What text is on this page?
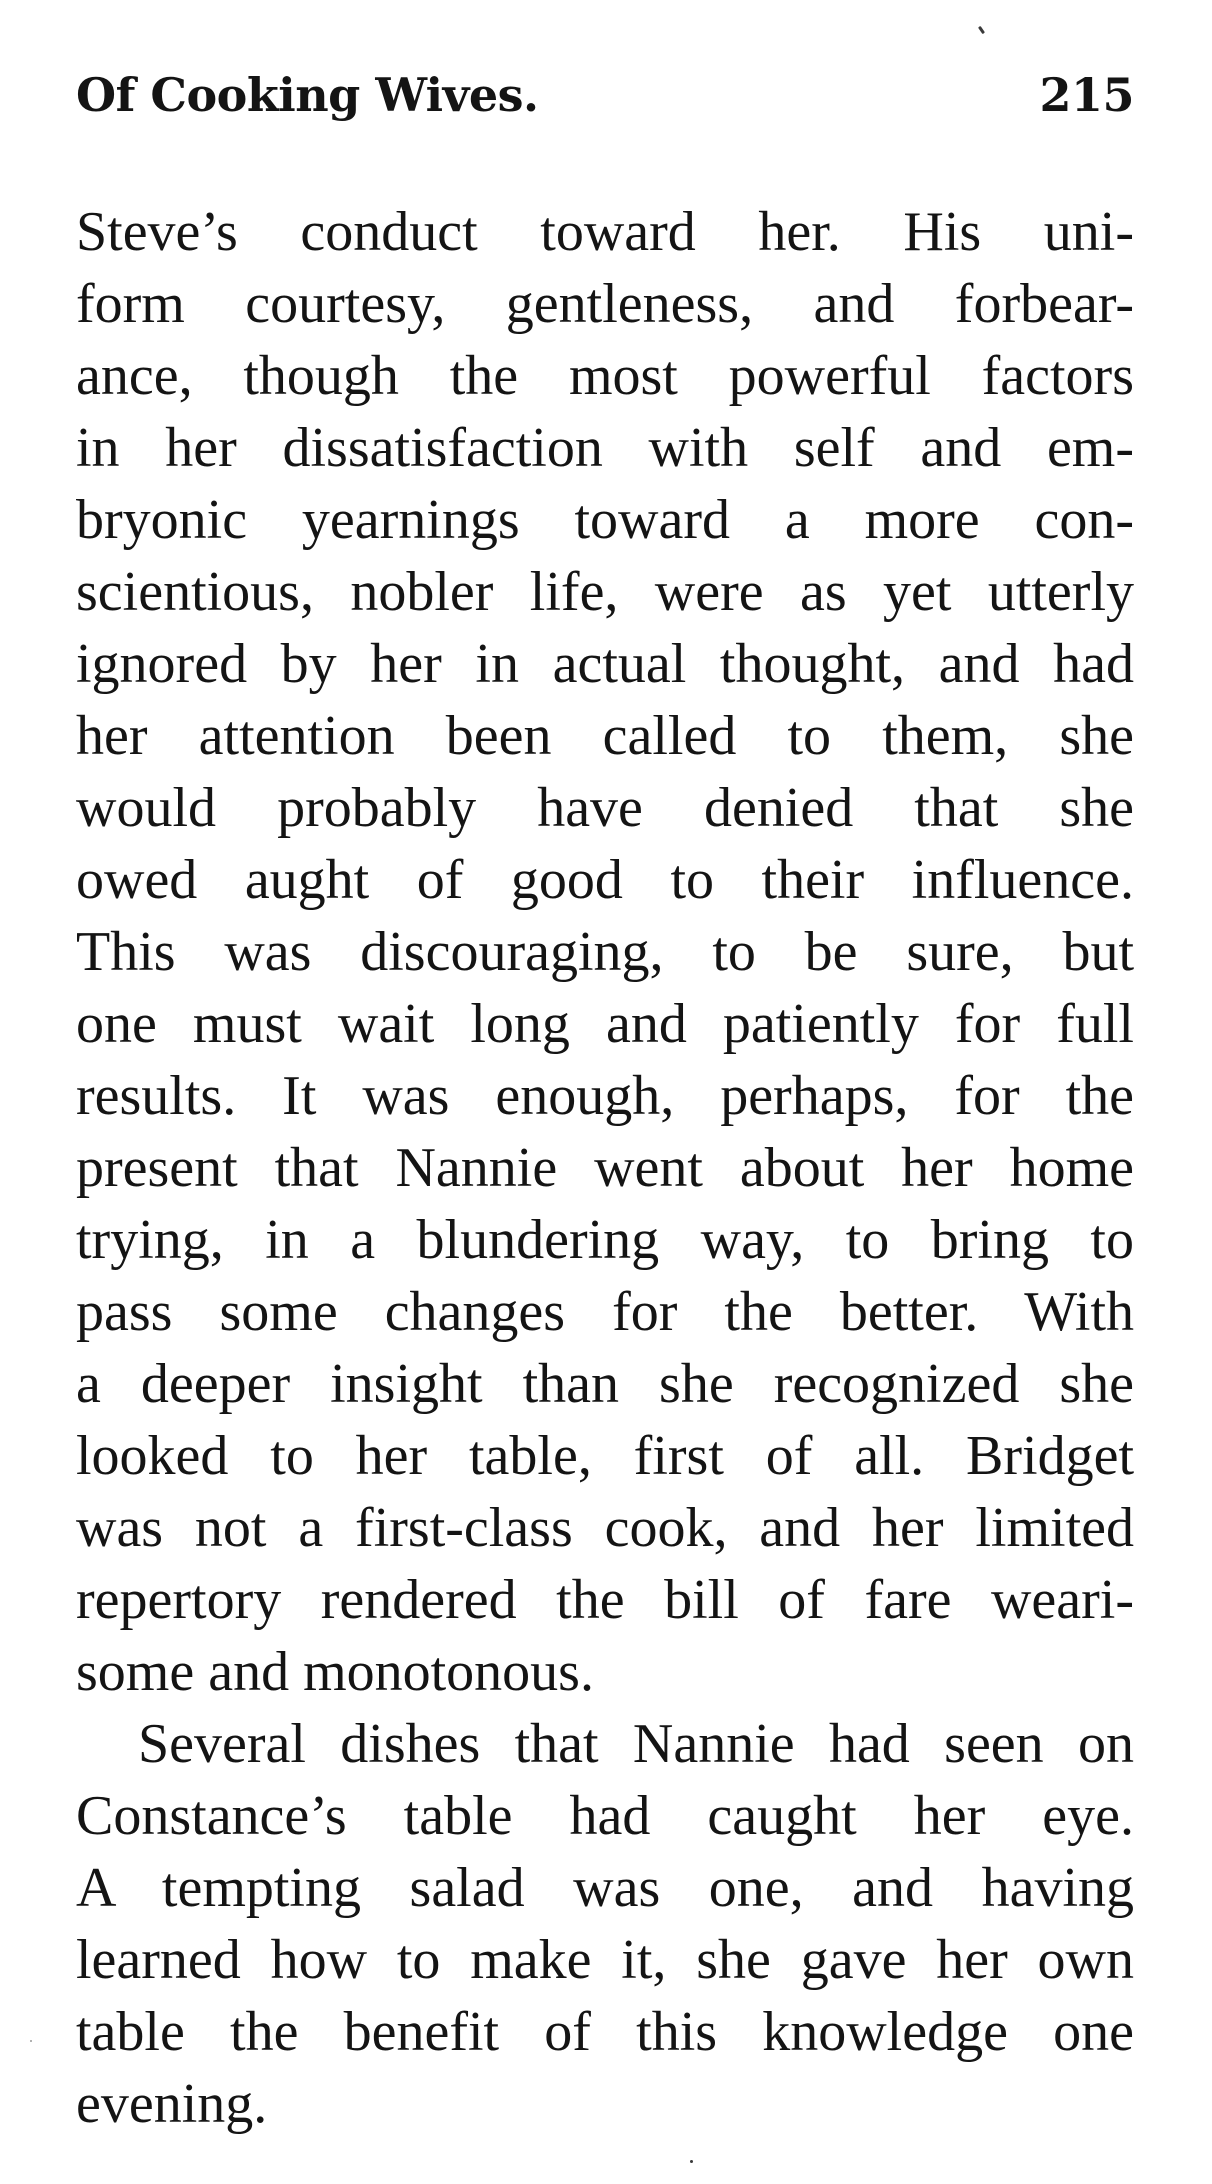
Of Cooking Wives.	215
Steve’s conduct toward her. His uni-
form courtesy, gentleness, and forbear-
ance, though the most powerful factors
in her dissatisfaction with self and em-
bryonic yearnings toward a more con-
scientious, nobler life, were as yet utterly
ignored by her in actual thought, and had
her attention been called to them, she
would probably have denied that she
owed aught of good to their influence.
This was discouraging, to be sure, but
one must wait long and patiently for full
results. It was enough, perhaps, for the
present that Nannie went about her home
trying, in a blundering way, to bring to
pass some changes for the better. With
a deeper insight than she recognized she
looked to her table, first of all. Bridget
was not a first-class cook, and her limited
repertory rendered the bill of fare weari-
some and monotonous.
Several dishes that Nannie had seen on
Constance’s table had caught her eye.
A tempting salad was one, and having
learned how to make it, she gave her own
table the benefit of this knowledge one
evening.
